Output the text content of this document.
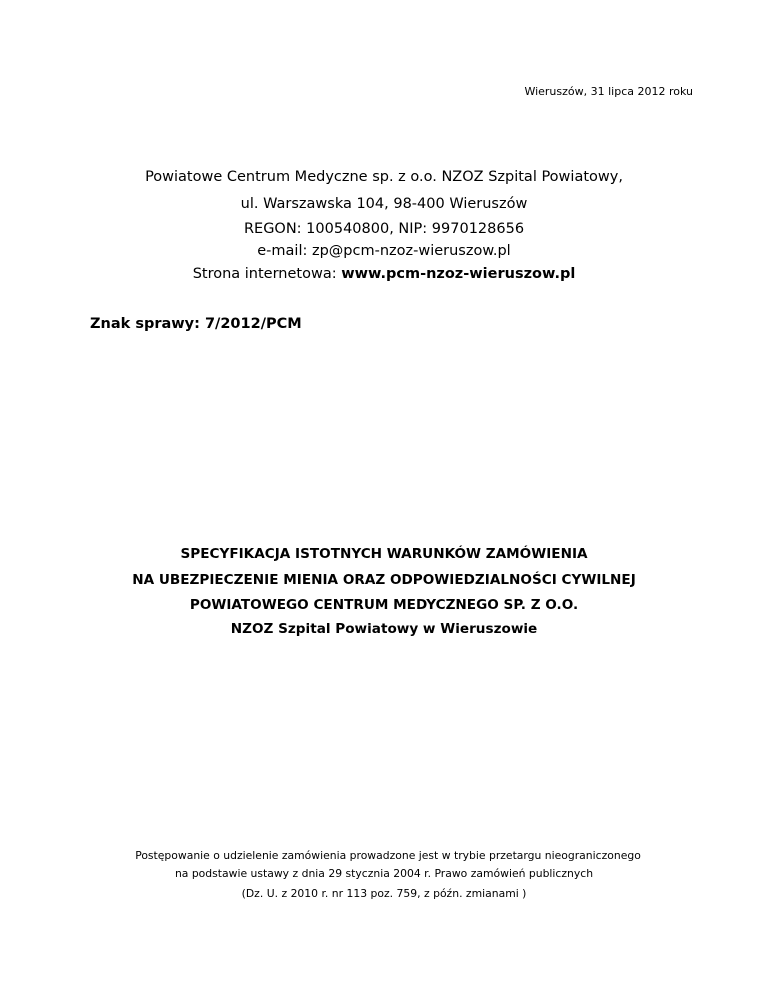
Wieruszów, 31 lipca 2012 roku
Powiatowe Centrum Medyczne sp. z o.o. NZOZ Szpital Powiatowy,
ul. Warszawska 104, 98-400 Wieruszów
REGON: 100540800, NIP: 9970128656
e-mail: zp@pcm-nzoz-wieruszow.pl
Strona internetowa: www.pcm-nzoz-wieruszow.pl
Znak sprawy: 7/2012/PCM
SPECYFIKACJA ISTOTNYCH WARUNKÓW ZAMÓWIENIA
NA UBEZPIECZENIE MIENIA ORAZ ODPOWIEDZIALNOŚCI CYWILNEJ
POWIATOWEGO CENTRUM MEDYCZNEGO SP. Z O.O.
NZOZ Szpital Powiatowy w Wieruszowie
Postępowanie o udzielenie zamówienia prowadzone jest w trybie przetargu nieograniczonego
na podstawie ustawy z dnia 29 stycznia 2004 r. Prawo zamówień publicznych
(Dz. U. z 2010 r. nr 113 poz. 759, z późn. zmianami )
